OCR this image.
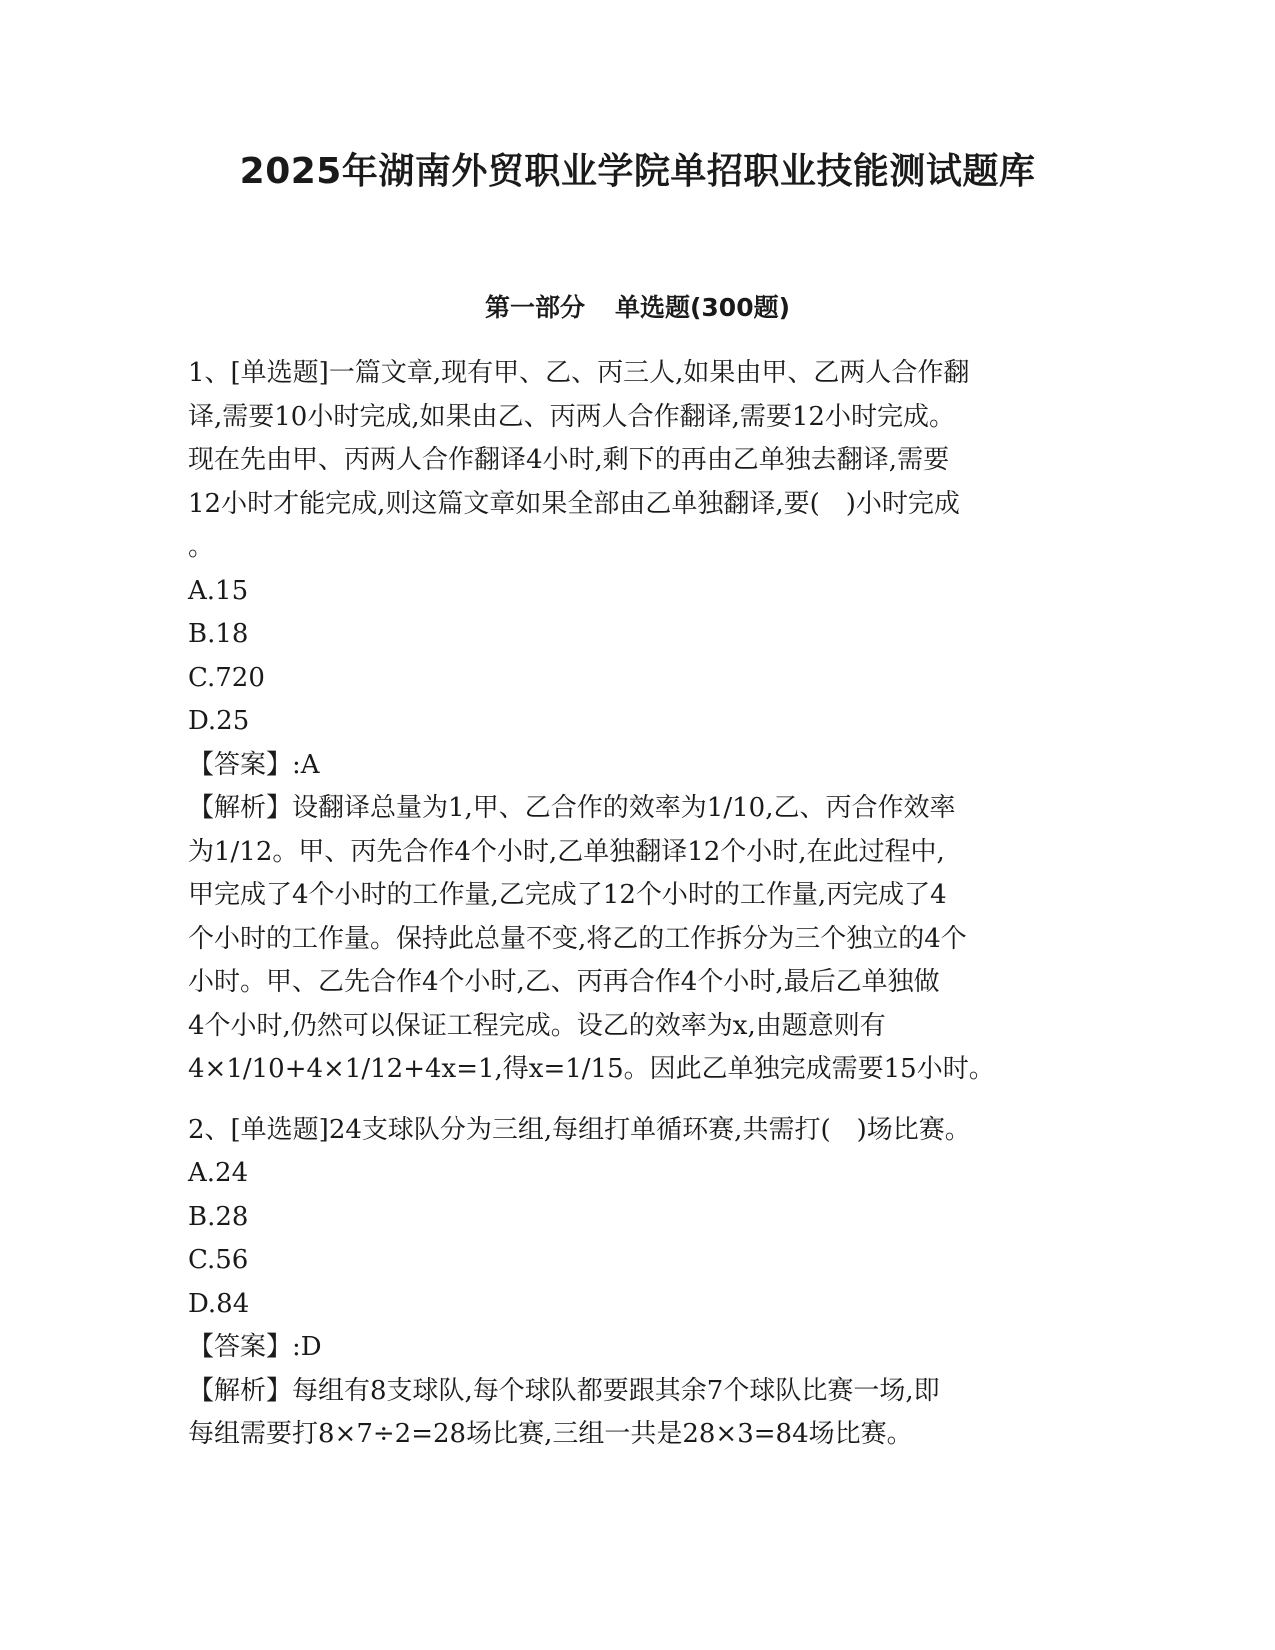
2025年湖南外贸职业学院单招职业技能测试题库
第一部分 单选题(300题)
1、[单选题]一篇文章,现有甲、乙、丙三人,如果由甲、乙两人合作翻
译,需要10小时完成,如果由乙、丙两人合作翻译,需要12小时完成。
现在先由甲、丙两人合作翻译4小时,剩下的再由乙单独去翻译,需要
12小时才能完成,则这篇文章如果全部由乙单独翻译,要(　)小时完成
。
A.15
B.18
C.720
D.25
【答案】:A
【解析】设翻译总量为1,甲、乙合作的效率为1/10,乙、丙合作效率
为1/12。甲、丙先合作4个小时,乙单独翻译12个小时,在此过程中,
甲完成了4个小时的工作量,乙完成了12个小时的工作量,丙完成了4
个小时的工作量。保持此总量不变,将乙的工作拆分为三个独立的4个
小时。甲、乙先合作4个小时,乙、丙再合作4个小时,最后乙单独做
4个小时,仍然可以保证工程完成。设乙的效率为x,由题意则有
4×1/10+4×1/12+4x=1,得x=1/15。因此乙单独完成需要15小时。
2、[单选题]24支球队分为三组,每组打单循环赛,共需打(　)场比赛。
A.24
B.28
C.56
D.84
【答案】:D
【解析】每组有8支球队,每个球队都要跟其余7个球队比赛一场,即
每组需要打8×7÷2=28场比赛,三组一共是28×3=84场比赛。
